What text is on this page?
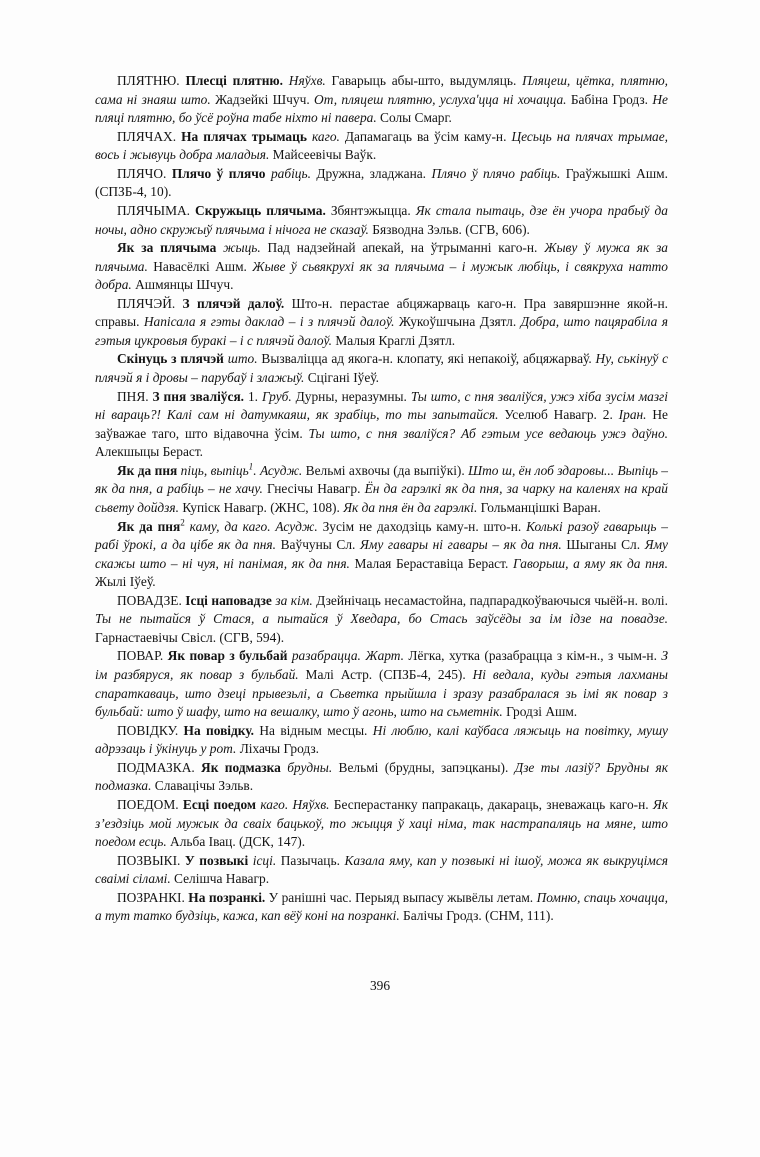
ПЛЯТНЮ. Плесці плятню. Няўхв. Гаварыць абы-што, выдумляць. Пляцеш, цётка, плятню, сама ні знаяш што. Жадзейкі Шчуч. От, пляцеш плятню, услухаʹцца ні хочацца. Бабіна Гродз. Не пляці плятню, бо ўсё роўна табе ніхто ні павера. Солы Смарг.

ПЛЯЧАХ. На плячах трымаць каго. Дапамагаць ва ўсім каму-н. Цесьць на плячах трымае, вось і жывуць добра маладыя. Майсеевічы Ваўк.

ПЛЯЧО. Плячо ў плячо рабіць. Дружна, зладжана. Плячо ў плячо рабіць. Граўжышкі Ашм. (СПЗБ-4, 10).

ПЛЯЧЫМА. Скружыць плячыма. Збянтэжыцца. Як стала пытаць, дзе ён учора прабыў да ночы, адно скружыў плячыма і нічога не сказаў. Бязводна Зэльв. (СГВ, 606).

Як за плячыма жыць. Пад надзейнай апекай, на ўтрыманні каго-н. Жыву ў мужа як за плячыма. Навасёлкі Ашм. Жыве ў сьвякрухі як за плячыма – і мужык любіць, і свякруха натто добра. Ашмянцы Шчуч.

ПЛЯЧЭЙ. З плячэй далоў. Што-н. перастае абцяжарваць каго-н. Пра завяршэнне якой-н. справы. Напісала я гэты даклад – і з плячэй далоў. Жукоўшчына Дзятл. Добра, што пацярабіла я гэтыя цукровыя буракі – і с плячэй далоў. Малыя Краглі Дзятл.

Скінуць з плячэй што. Вызваліцца ад якога-н. клопату, які непакоіў, абцяжарваў. Ну, ськінуў с плячэй я і дровы – парубаў і злажыў. Сціганi Іўеў.

ПНЯ. З пня зваліўся. 1. Груб. Дурны, неразумны. Ты што, с пня зваліўся, ужэ хіба зусім мазгі ні вараць?! Калі сам ні датумкаяш, як зрабіць, то ты запытайся. Уселюб Навагр. 2. Іран. Не заўважае таго, што відавочна ўсім. Ты што, с пня зваліўся? Аб гэтым усе ведаюць ужэ даўно. Алекшыцы Бераст.

Як да пня піць, выпіць$^1$. Асудж. Вельмі ахвочы (да выпіўкі). Што ш, ён лоб здаровы... Выпіць – як да пня, а рабіць – не хачу. Гнесічы Навагр. Ён да гарэлкі як да пня, за чарку на каленях на край сьвету дойдзя. Купіск Навагр. (ЖНС, 108). Як да пня ён да гарэлкі. Гольманцішкі Варан.

Як да пня$^2$ каму, да каго. Асудж. Зусім не даходзіць каму-н. што-н. Колькі разоў гаварыць – рабі ўрокі, а да цібе як да пня. Ваўчуны Сл. Яму гавары ні гавары – як да пня. Шыганы Сл. Яму скажы што – ні чуя, ні панімая, як да пня. Малая Бераставіца Бераст. Гаворыш, а яму як да пня. Жылі Іўеў.

ПОВАДЗЕ. Ісці наповадзе за кім. Дзейнічаць несамастойна, падпарадкоўваючыся чыёй-н. волі. Ты не пытайся ў Стася, а пытайся ў Хведара, бо Стась заўсёды за ім ідзе на повадзе. Гарнастаевічы Свісл. (СГВ, 594).

ПОВАР. Як повар з бульбай разабрацца. Жарт. Лёгка, хутка (разабрацца з кім-н., з чым-н. З ім разбяруся, як повар з бульбай. Малі Астр. (СПЗБ-4, 245). Ні ведала, куды гэтыя лахманы спараткаваць, што дзеці прывезьлі, а Сьветка прыйшла і зразу разабралася зь імі як повар з бульбай: што ў шафу, што на вешалку, што ў агонь, што на сьметнік. Гродзі Ашм.

ПОВІДКУ. На повідку. На відным месцы. Ні люблю, калі каўбаса ляжыць на повітку, мушу адрэзаць і ўкінуць у рот. Ліхачы Гродз.

ПОДМАЗКА. Як подмазка брудны. Вельмі (брудны, запэцканы). Дзе ты лазіў? Брудны як подмазка. Славацічы Зэльв.

ПОЕДОМ. Есці поедом каго. Няўхв. Бесперастанку папракаць, дакараць, зневажаць каго-н. Як з’ездзіць мой мужык да сваіх бацькоў, то жыцця ў хаці німа, так настрапаляць на мяне, што поедом есць. Альба Івац. (ДСК, 147).

ПОЗВЫКІ. У позвыкі ісці. Пазычаць. Казала яму, кап у позвыкі ні ішоў, можа як выкруцімся сваімі сіламі. Селішча Навагр.

ПОЗРАНКІ. На позранкі. У ранішні час. Перыяд выпасу жывёлы летам. Помню, спаць хочацца, а тут татко будзіць, кажа, кап вёў коні на позранкі. Балічы Гродз. (СНМ, 111).

396
